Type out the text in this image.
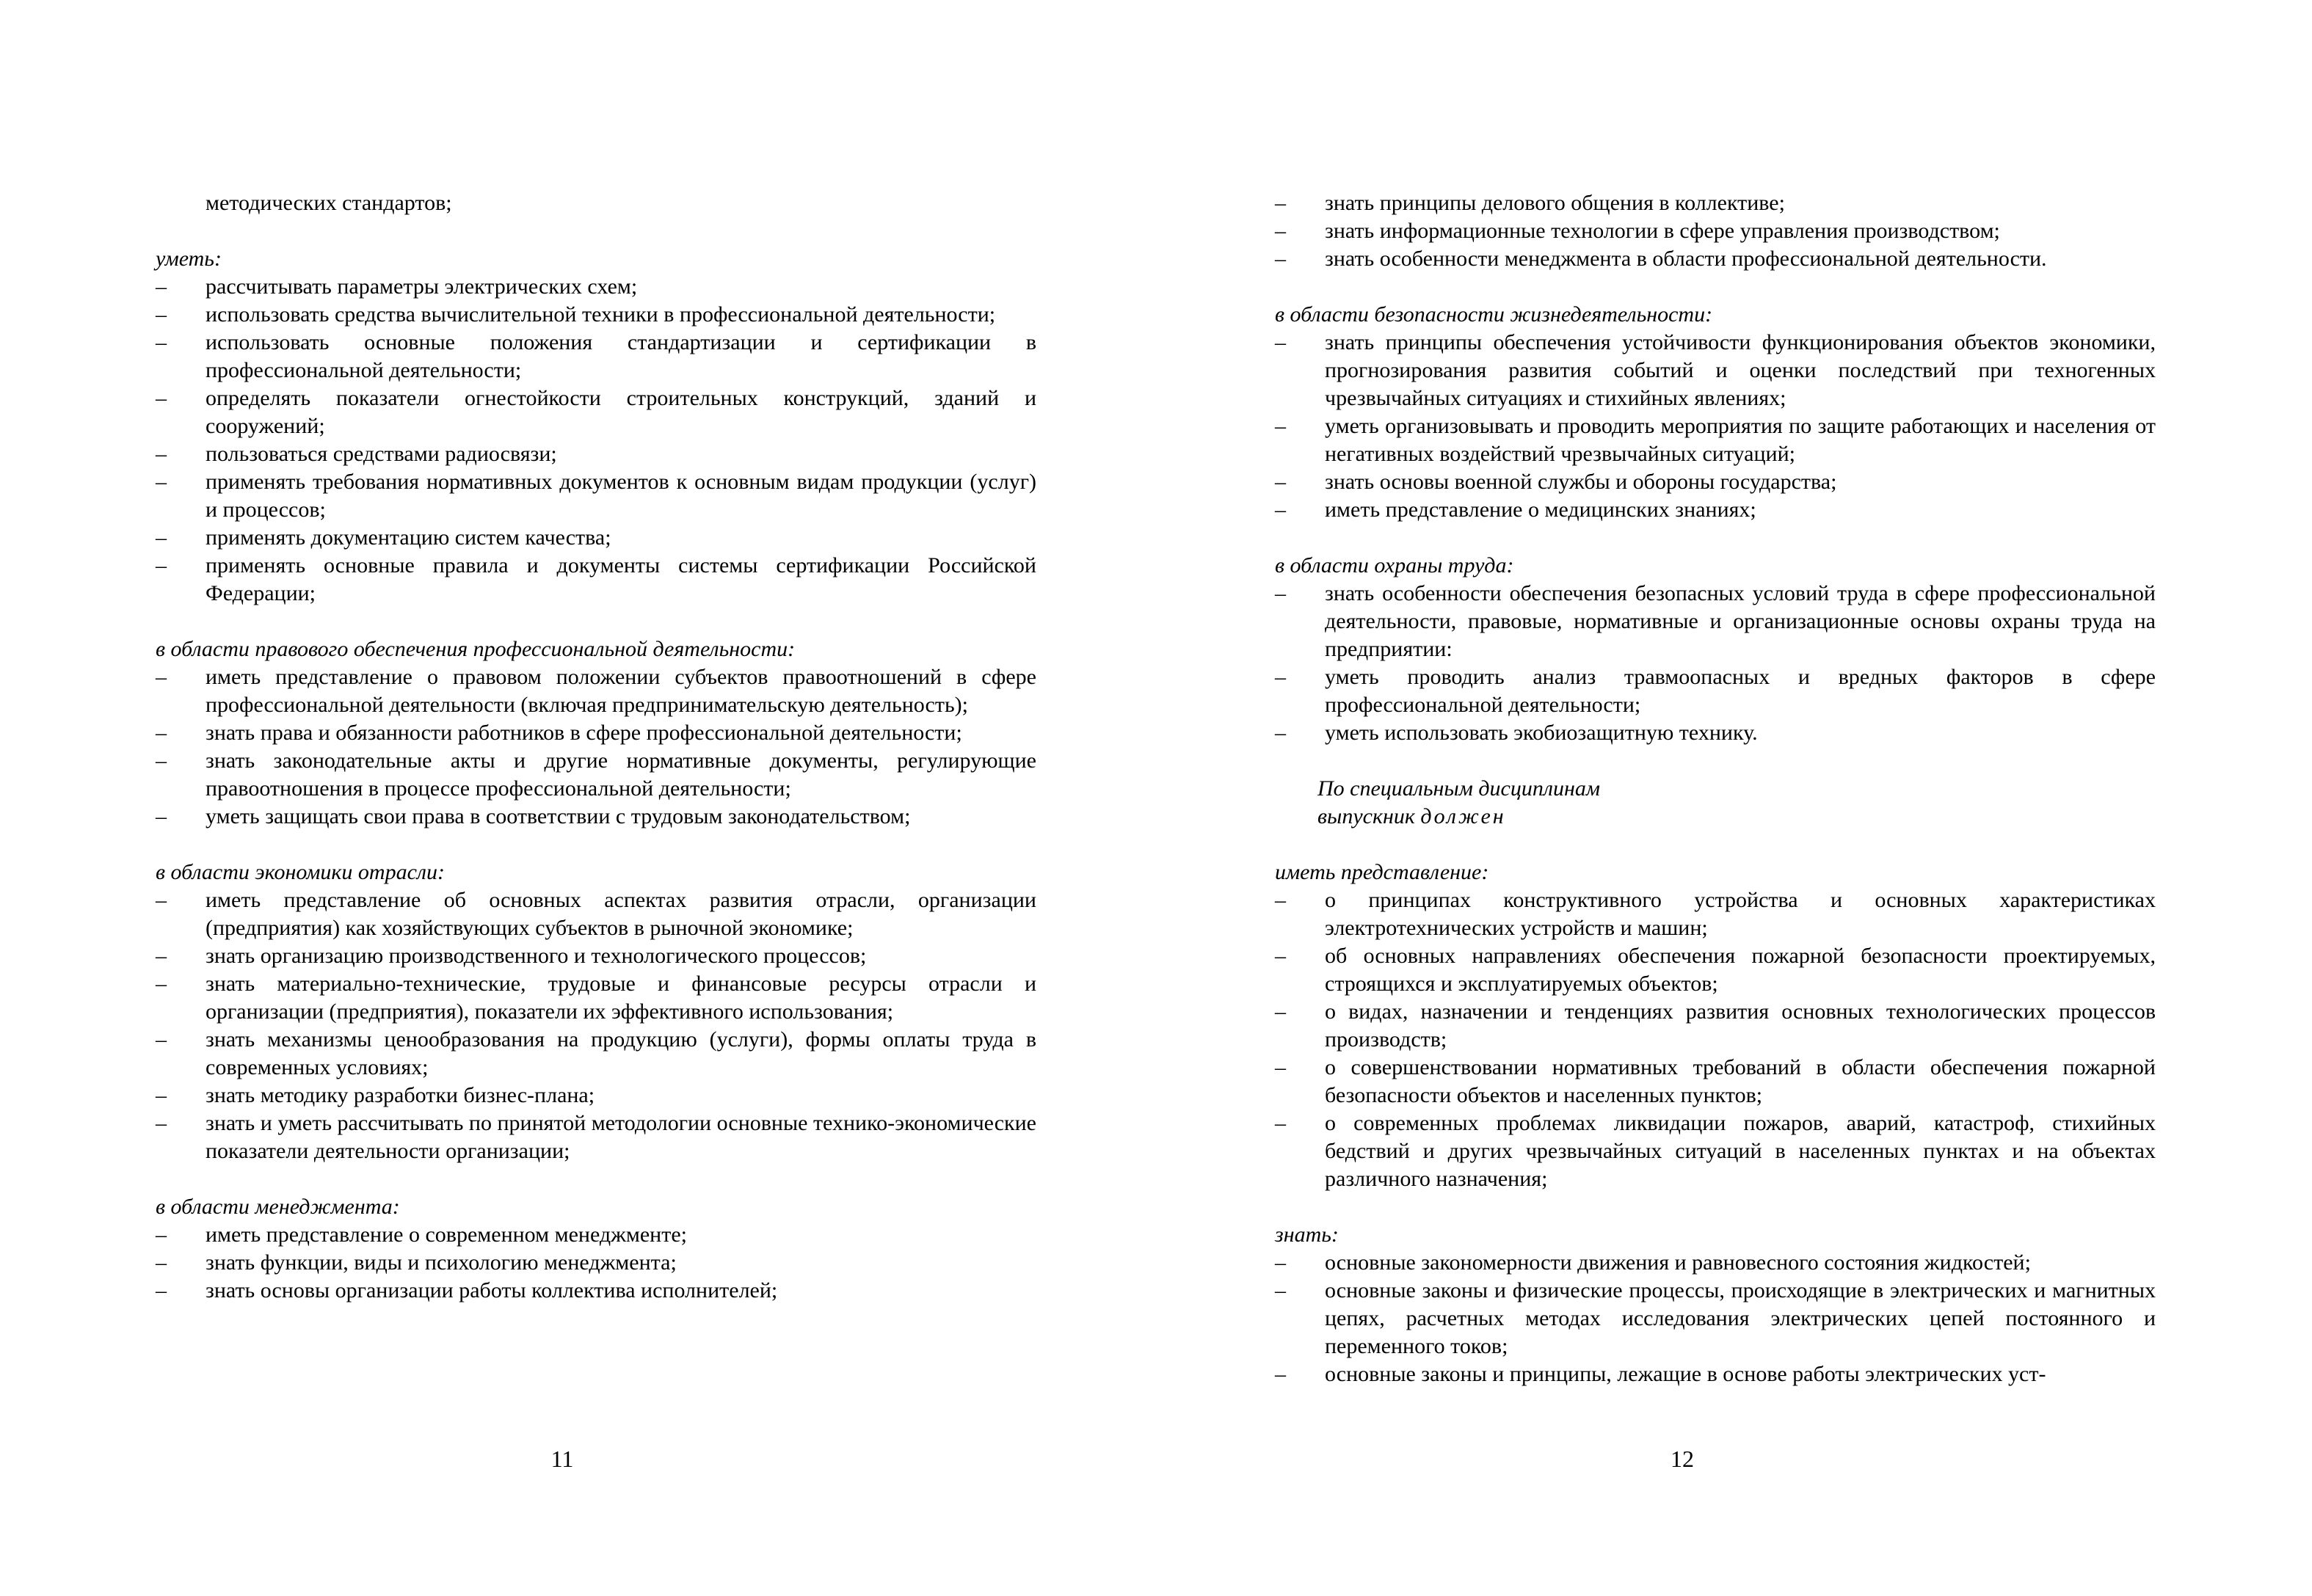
методических стандартов;

уметь:

–	рассчитывать параметры электрических схем;
–	использовать средства вычислительной техники в профессиональной деятельности;
–	использовать основные положения стандартизации и сертификации в профессиональной деятельности;
–	определять показатели огнестойкости строительных конструкций, зданий и сооружений;
–	пользоваться средствами радиосвязи;
–	применять требования нормативных документов к основным видам продукции (услуг) и процессов;
–	применять документацию систем качества;
–	применять основные правила и документы системы сертификации Российской Федерации;

в области правового обеспечения профессиональной деятельности:

–	иметь представление о правовом положении субъектов правоотношений в сфере профессиональной деятельности (включая предпринимательскую деятельность);
–	знать права и обязанности работников в сфере профессиональной деятельности;
–	знать законодательные акты и другие нормативные документы, регулирующие правоотношения в процессе профессиональной деятельности;
–	уметь защищать свои права в соответствии с трудовым законодательством;

в области экономики отрасли:

–	иметь представление об основных аспектах развития отрасли, организации (предприятия) как хозяйствующих субъектов в рыночной экономике;
–	знать организацию производственного и технологического процессов;
–	знать материально-технические, трудовые и финансовые ресурсы отрасли и организации (предприятия), показатели их эффективного использования;
–	знать механизмы ценообразования на продукцию (услуги), формы оплаты труда в современных условиях;
–	знать методику разработки бизнес-плана;
–	знать и уметь рассчитывать по принятой методологии основные технико-экономические показатели деятельности организации;

в области менеджмента:

–	иметь представление о современном менеджменте;
–	знать функции, виды и психологию менеджмента;
–	знать основы организации работы коллектива исполнителей;
11
–	знать принципы делового общения в коллективе;
–	знать информационные технологии в сфере управления производством;
–	знать особенности менеджмента в области профессиональной деятельности.

в области безопасности жизнедеятельности:

–	знать принципы обеспечения устойчивости функционирования объектов экономики, прогнозирования развития событий и оценки последствий при техногенных чрезвычайных ситуациях и стихийных явлениях;
–	уметь организовывать и проводить мероприятия по защите работающих и населения от негативных воздействий чрезвычайных ситуаций;
–	знать основы военной службы и обороны государства;
–	иметь представление о медицинских знаниях;

в области охраны труда:

–	знать особенности обеспечения безопасных условий труда в сфере профессиональной деятельности, правовые, нормативные и организационные основы охраны труда на предприятии:
–	уметь проводить анализ травмоопасных и вредных факторов в сфере профессиональной деятельности;
–	уметь использовать экобиозащитную технику.
По специальным дисциплинам
выпускник должен

иметь представление:

–	о принципах конструктивного устройства и основных характеристиках электротехнических устройств и машин;
–	об основных направлениях обеспечения пожарной безопасности проектируемых, строящихся и эксплуатируемых объектов;
–	о видах, назначении и тенденциях развития основных технологических процессов производств;
–	о совершенствовании нормативных требований в области обеспечения пожарной безопасности объектов и населенных пунктов;
–	о современных проблемах ликвидации пожаров, аварий, катастроф, стихийных бедствий и других чрезвычайных ситуаций в населенных пунктах и на объектах различного назначения;

знать:

–	основные закономерности движения и равновесного состояния жидкостей;
–	основные законы и физические процессы, происходящие в электрических и магнитных цепях, расчетных методах исследования электрических цепей постоянного и переменного токов;
–	основные законы и принципы, лежащие в основе работы электрических уст-
12
